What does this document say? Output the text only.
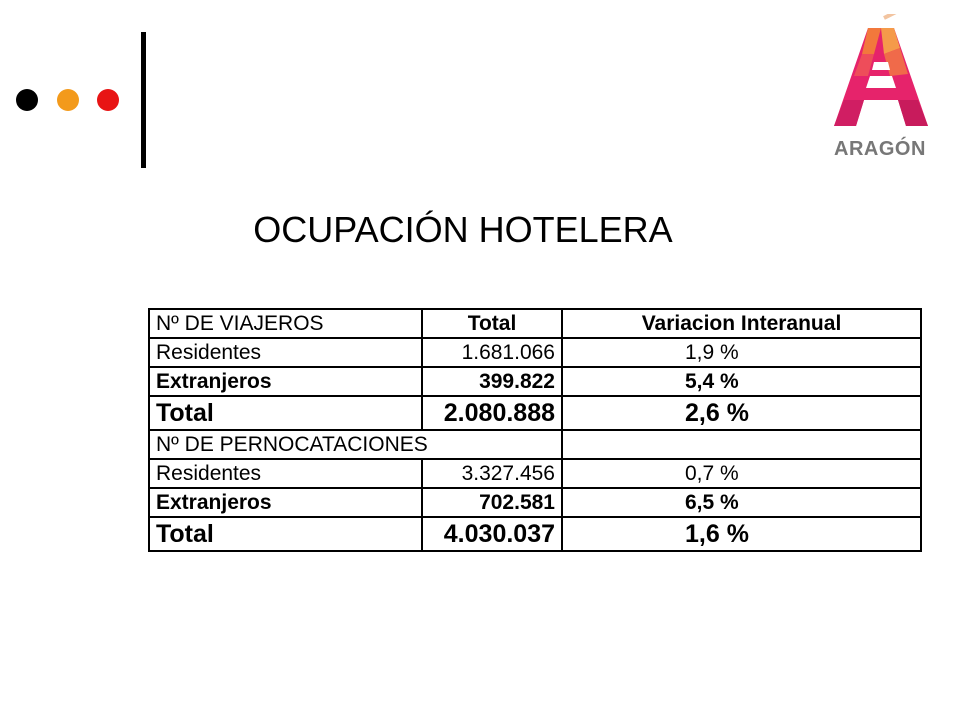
ARAGÓN
OCUPACIÓN HOTELERA
Nº DE VIAJEROS	Total	Variacion Interanual
Residentes	1.681.066	1,9 %
Extranjeros	399.822	5,4 %
Total	2.080.888	2,6 %
Nº DE PERNOCATACIONES		
Residentes	3.327.456	0,7 %
Extranjeros	702.581	6,5 %
Total	4.030.037	1,6 %
